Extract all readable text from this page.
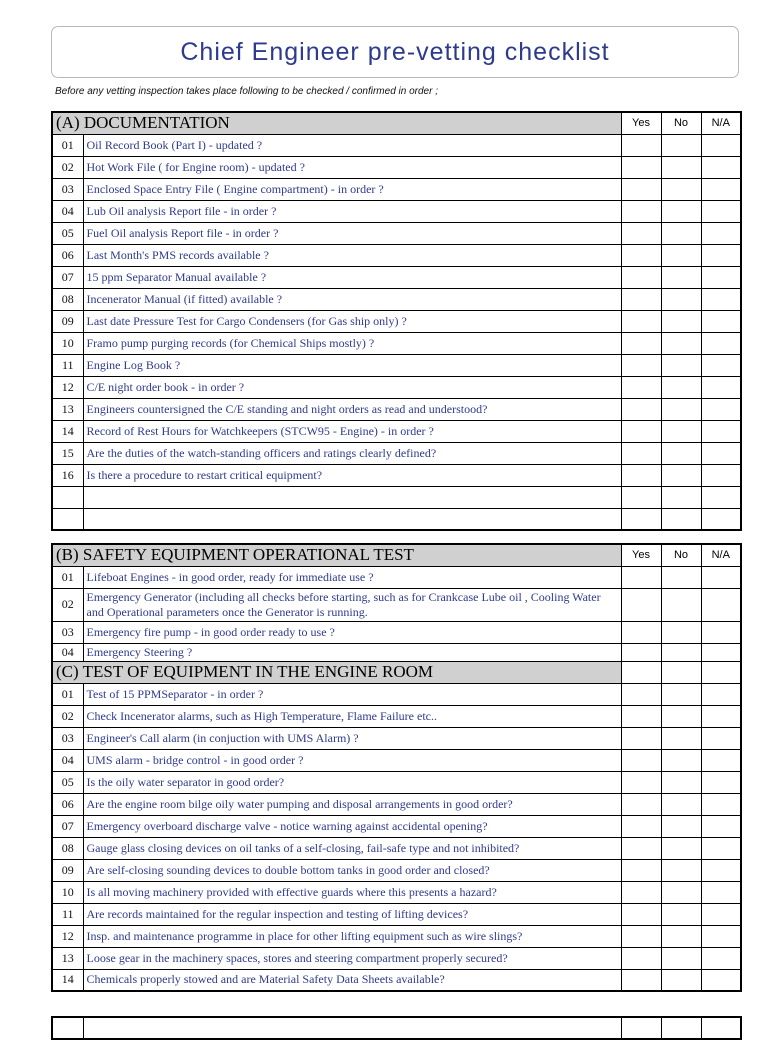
Chief Engineer pre-vetting checklist
Before any vetting inspection takes place following to be checked / confirmed in order ;
(A) DOCUMENTATION		Yes	No	N/A
01	Oil Record Book (Part I) - updated ?			
02	Hot Work File ( for Engine room) - updated ?			
03	Enclosed Space Entry File ( Engine compartment) - in order ?			
04	Lub Oil analysis Report file - in order ?			
05	Fuel Oil analysis Report file - in order ?			
06	Last Month's PMS records available ?			
07	15 ppm Separator Manual available ?			
08	Incenerator Manual (if fitted) available ?			
09	Last date Pressure Test for Cargo Condensers (for Gas ship only) ?			
10	Framo pump purging records (for Chemical Ships mostly) ?			
11	Engine Log Book ?			
12	C/E night order book - in order ?			
13	Engineers countersigned the C/E standing and night orders as read and understood?			
14	Record of Rest Hours for Watchkeepers (STCW95 - Engine) - in order ?			
15	Are the duties of the watch-standing officers and ratings clearly defined?			
16	Is there a procedure to restart critical equipment?			

(B) SAFETY EQUIPMENT OPERATIONAL TEST		Yes	No	N/A
01	Lifeboat Engines - in good order, ready for immediate use ?			
02	Emergency Generator (including all checks before starting, such as for Crankcase Lube oil , Cooling Water and Operational parameters once the Generator is running.			
03	Emergency fire pump - in good order ready to use ?			
04	Emergency Steering ?			
(C) TEST OF EQUIPMENT IN THE ENGINE ROOM				
01	Test of 15 PPMSeparator - in order ?			
02	Check Incenerator alarms, such as High Temperature, Flame Failure etc..			
03	Engineer's Call alarm (in conjuction with UMS Alarm) ?			
04	UMS alarm - bridge control - in good order ?			
05	Is the oily water separator in good order?			
06	Are the engine room bilge oily water pumping and disposal arrangements in good order?			
07	Emergency overboard discharge valve - notice warning against accidental opening?			
08	Gauge glass closing devices on oil tanks of a self-closing, fail-safe type and not inhibited?			
09	Are self-closing sounding devices to double bottom tanks in good order and closed?			
10	Is all moving machinery provided with effective guards where this presents a hazard?			
11	Are records maintained for the regular inspection and testing of lifting devices?			
12	Insp. and maintenance programme in place for other lifting equipment such as wire slings?			
13	Loose gear in the machinery spaces, stores and steering compartment properly secured?			
14	Chemicals properly stowed and are Material Safety Data Sheets available?			
